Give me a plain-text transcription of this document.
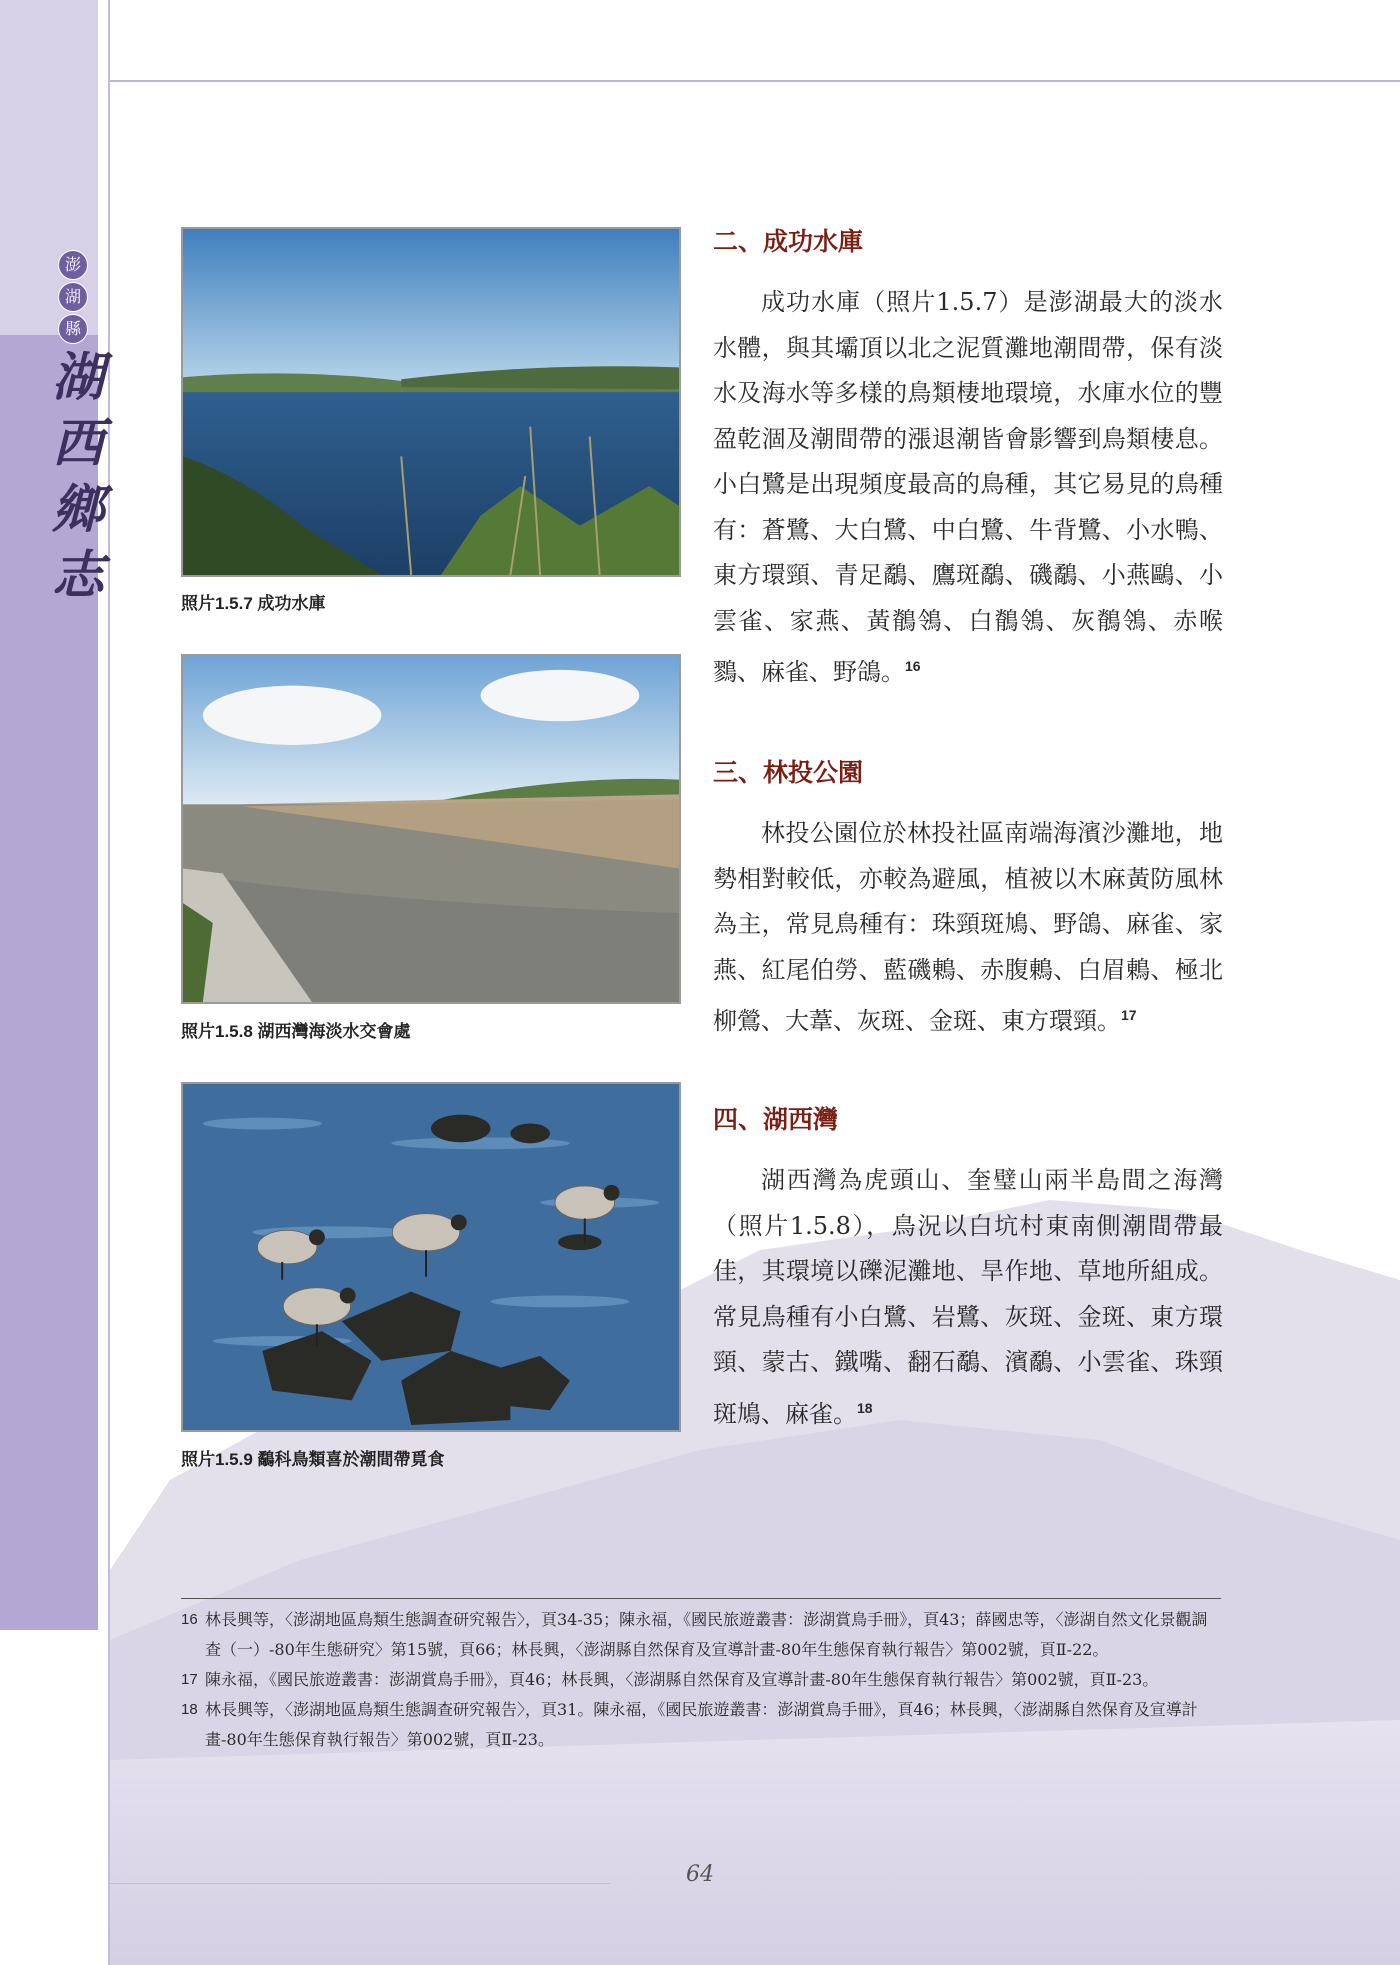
澎
湖
縣
湖
西
鄉
志	照片1.5.7 成功水庫
照片1.5.8 湖西灣海淡水交會處
照片1.5.9 鷸科鳥類喜於潮間帶覓食
二、成功水庫

成功水庫（照片1.5.7）是澎湖最大的淡水水體，與其壩頂以北之泥質灘地潮間帶，保有淡水及海水等多樣的鳥類棲地環境，水庫水位的豐盈乾涸及潮間帶的漲退潮皆會影響到鳥類棲息。小白鷺是出現頻度最高的鳥種，其它易見的鳥種有：蒼鷺、大白鷺、中白鷺、牛背鷺、小水鴨、東方環頸、青足鷸、鷹斑鷸、磯鷸、小燕鷗、小雲雀、家燕、黃鶺鴒、白鶺鴒、灰鶺鴒、赤喉鷚、麻雀、野鴿。$^{16}$

三、林投公園

林投公園位於林投社區南端海濱沙灘地，地勢相對較低，亦較為避風，植被以木麻黃防風林為主，常見鳥種有：珠頸斑鳩、野鴿、麻雀、家燕、紅尾伯勞、藍磯鶇、赤腹鶇、白眉鶇、極北柳鶯、大葦、灰斑、金斑、東方環頸。$^{17}$

四、湖西灣

湖西灣為虎頭山、奎璧山兩半島間之海灣（照片1.5.8），鳥況以白坑村東南側潮間帶最佳，其環境以礫泥灘地、旱作地、草地所組成。常見鳥種有小白鷺、岩鷺、灰斑、金斑、東方環頸、蒙古、鐵嘴、翻石鷸、濱鷸、小雲雀、珠頸斑鳩、麻雀。$^{18}$

16 林長興等，〈澎湖地區鳥類生態調查研究報告〉，頁34-35；陳永福，《國民旅遊叢書：澎湖賞鳥手冊》，頁43；薛國忠等，〈澎湖自然文化景觀調查（一）-80年生態研究〉第15號，頁66；林長興，〈澎湖縣自然保育及宣導計畫-80年生態保育執行報告〉第002號，頁Ⅱ-22。
17 陳永福，《國民旅遊叢書：澎湖賞鳥手冊》，頁46；林長興，〈澎湖縣自然保育及宣導計畫-80年生態保育執行報告〉第002號，頁Ⅱ-23。
18 林長興等，〈澎湖地區鳥類生態調查研究報告〉，頁31。陳永福，《國民旅遊叢書：澎湖賞鳥手冊》，頁46；林長興，〈澎湖縣自然保育及宣導計畫-80年生態保育執行報告〉第002號，頁Ⅱ-23。
64
